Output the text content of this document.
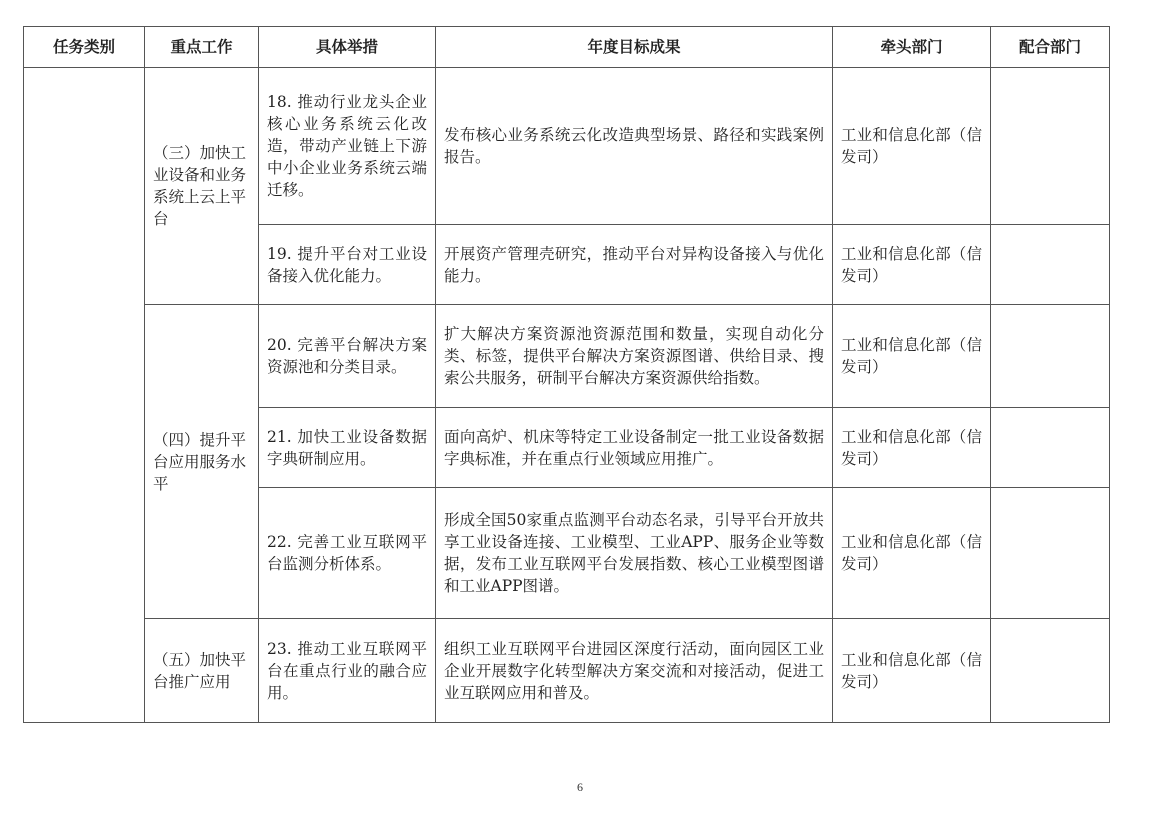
任务类别	重点工作	具体举措	年度目标成果	牵头部门	配合部门
	（三）加快工业设备和业务系统上云上平台	18. 推动行业龙头企业核心业务系统云化改造，带动产业链上下游中小企业业务系统云端迁移。	发布核心业务系统云化改造典型场景、路径和实践案例报告。	工业和信息化部（信发司）	
		19. 提升平台对工业设备接入优化能力。	开展资产管理壳研究，推动平台对异构设备接入与优化能力。	工业和信息化部（信发司）	
	（四）提升平台应用服务水平	20. 完善平台解决方案资源池和分类目录。	扩大解决方案资源池资源范围和数量，实现自动化分类、标签，提供平台解决方案资源图谱、供给目录、搜索公共服务，研制平台解决方案资源供给指数。	工业和信息化部（信发司）	
		21. 加快工业设备数据字典研制应用。	面向高炉、机床等特定工业设备制定一批工业设备数据字典标准，并在重点行业领域应用推广。	工业和信息化部（信发司）	
		22. 完善工业互联网平台监测分析体系。	形成全国50家重点监测平台动态名录，引导平台开放共享工业设备连接、工业模型、工业APP、服务企业等数据，发布工业互联网平台发展指数、核心工业模型图谱和工业APP图谱。	工业和信息化部（信发司）	
	（五）加快平台推广应用	23. 推动工业互联网平台在重点行业的融合应用。	组织工业互联网平台进园区深度行活动，面向园区工业企业开展数字化转型解决方案交流和对接活动，促进工业互联网应用和普及。	工业和信息化部（信发司）	
6
